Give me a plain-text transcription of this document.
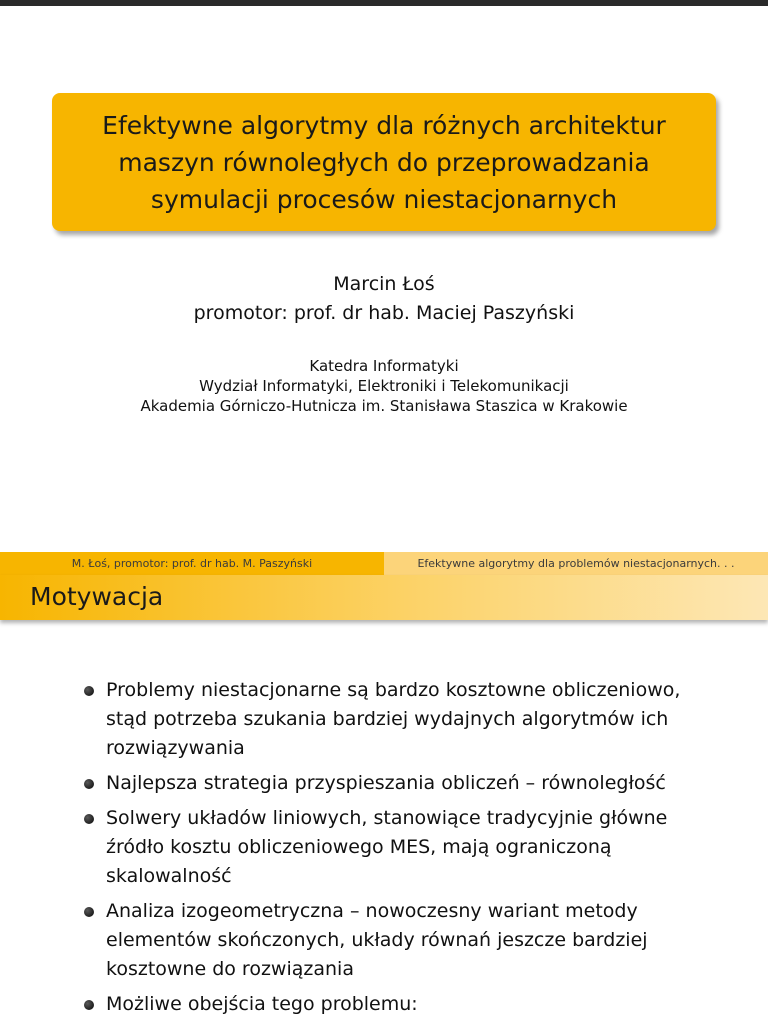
Efektywne algorytmy dla różnych architektur
maszyn równoległych do przeprowadzania
symulacji procesów niestacjonarnych
Marcin Łoś
promotor: prof. dr hab. Maciej Paszyński
Katedra Informatyki
Wydział Informatyki, Elektroniki i Telekomunikacji
Akademia Górniczo-Hutnicza im. Stanisława Staszica w Krakowie
M. Łoś, promotor: prof. dr hab. M. Paszyński	Efektywne algorytmy dla problemów niestacjonarnych. . .
Motywacja
Problemy niestacjonarne są bardzo kosztowne obliczeniowo,
stąd potrzeba szukania bardziej wydajnych algorytmów ich
rozwiązywania
Najlepsza strategia przyspieszania obliczeń – równoległość
Solwery układów liniowych, stanowiące tradycyjnie główne
źródło kosztu obliczeniowego MES, mają ograniczoną
skalowalność
Analiza izogeometryczna – nowoczesny wariant metody
elementów skończonych, układy równań jeszcze bardziej
kosztowne do rozwiązania
Możliwe obejścia tego problemu:
